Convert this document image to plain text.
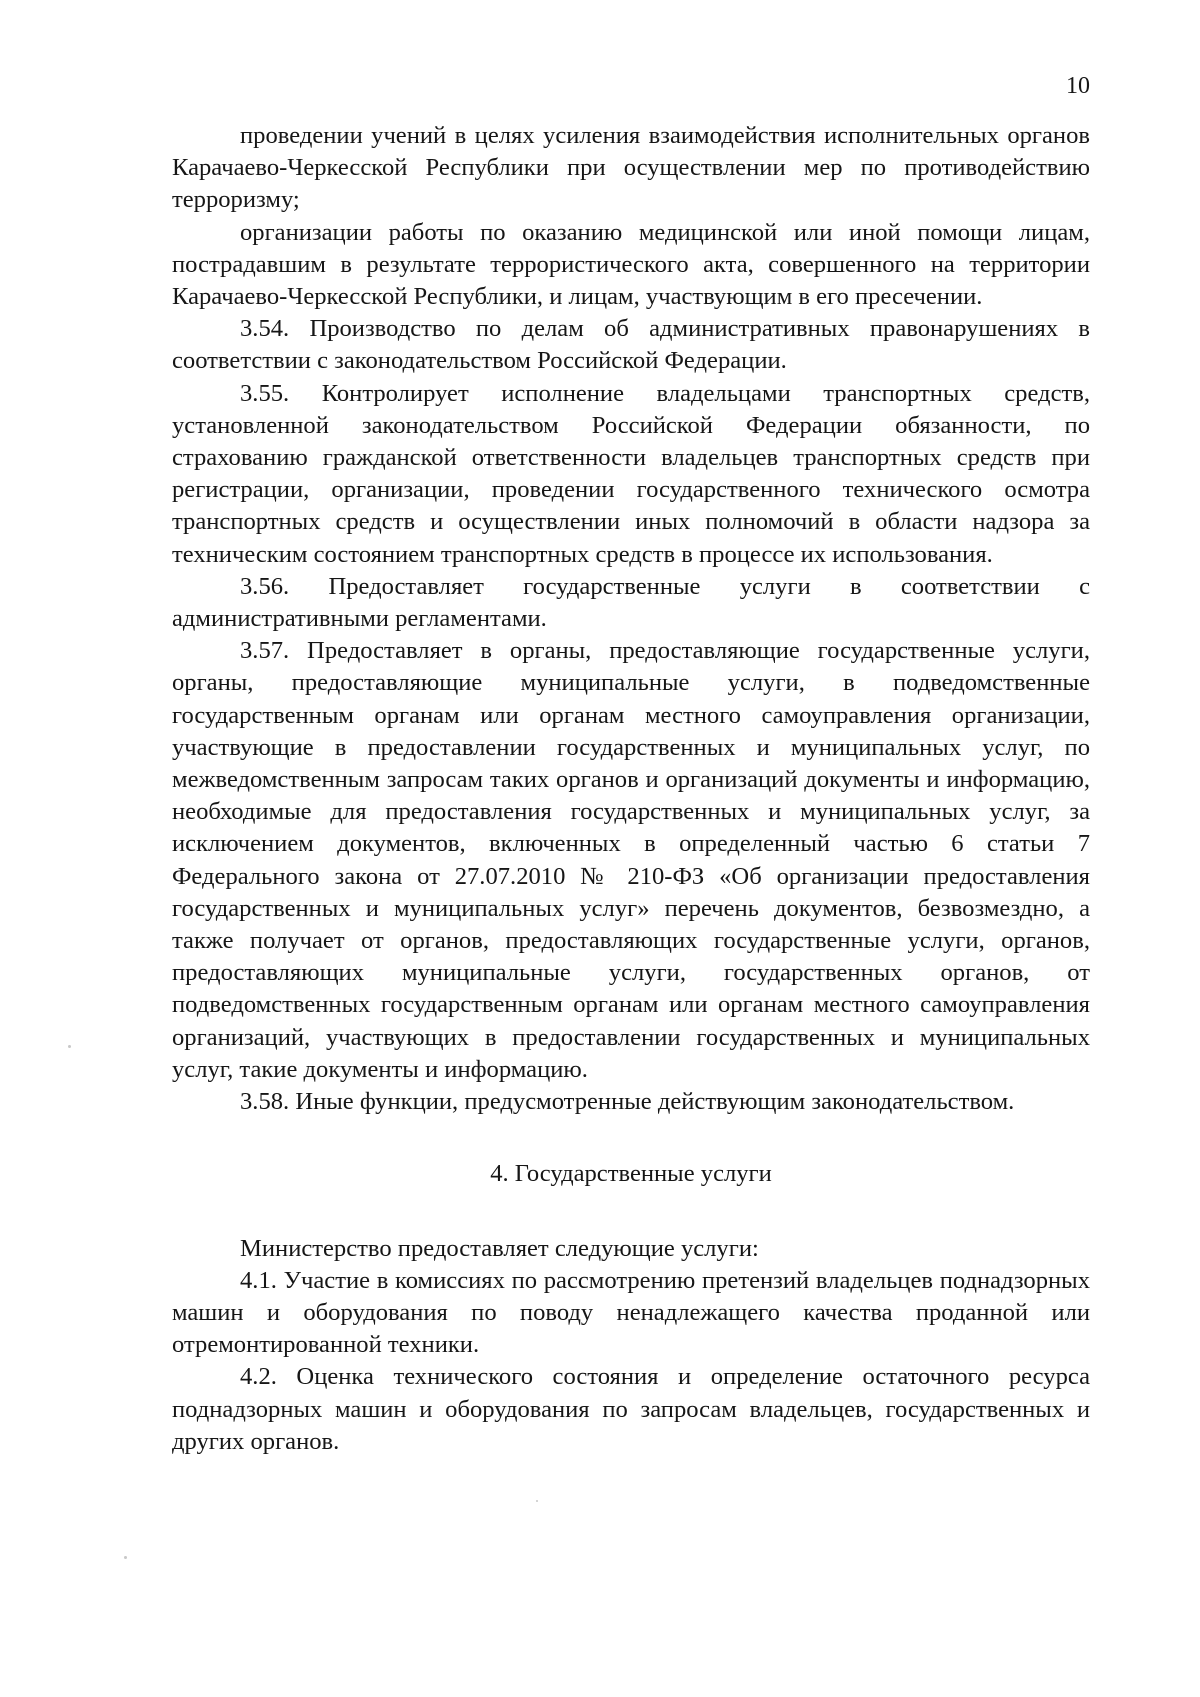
10

проведении учений в целях усиления взаимодействия исполнительных органов Карачаево-Черкесской Республики при осуществлении мер по противодействию терроризму;

организации работы по оказанию медицинской или иной помощи лицам, пострадавшим в результате террористического акта, совершенного на территории Карачаево-Черкесской Республики, и лицам, участвующим в его пресечении.

3.54. Производство по делам об административных правонарушениях в соответствии с законодательством Российской Федерации.

3.55. Контролирует исполнение владельцами транспортных средств, установленной законодательством Российской Федерации обязанности, по страхованию гражданской ответственности владельцев транспортных средств при регистрации, организации, проведении государственного технического осмотра транспортных средств и осуществлении иных полномочий в области надзора за техническим состоянием транспортных средств в процессе их использования.

3.56. Предоставляет государственные услуги в соответствии с административными регламентами.

3.57. Предоставляет в органы, предоставляющие государственные услуги, органы, предоставляющие муниципальные услуги, в подведомственные государственным органам или органам местного самоуправления организации, участвующие в предоставлении государственных и муниципальных услуг, по межведомственным запросам таких органов и организаций документы и информацию, необходимые для предоставления государственных и муниципальных услуг, за исключением документов, включенных в определенный частью 6 статьи 7 Федерального закона от 27.07.2010 № 210-ФЗ «Об организации предоставления государственных и муниципальных услуг» перечень документов, безвозмездно, а также получает от органов, предоставляющих государственные услуги, органов, предоставляющих муниципальные услуги, государственных органов, от подведомственных государственным органам или органам местного самоуправления организаций, участвующих в предоставлении государственных и муниципальных услуг, такие документы и информацию.

3.58. Иные функции, предусмотренные действующим законодательством.

4. Государственные услуги

Министерство предоставляет следующие услуги:

4.1. Участие в комиссиях по рассмотрению претензий владельцев поднадзорных машин и оборудования по поводу ненадлежащего качества проданной или отремонтированной техники.

4.2. Оценка технического состояния и определение остаточного ресурса поднадзорных машин и оборудования по запросам владельцев, государственных и других органов.
